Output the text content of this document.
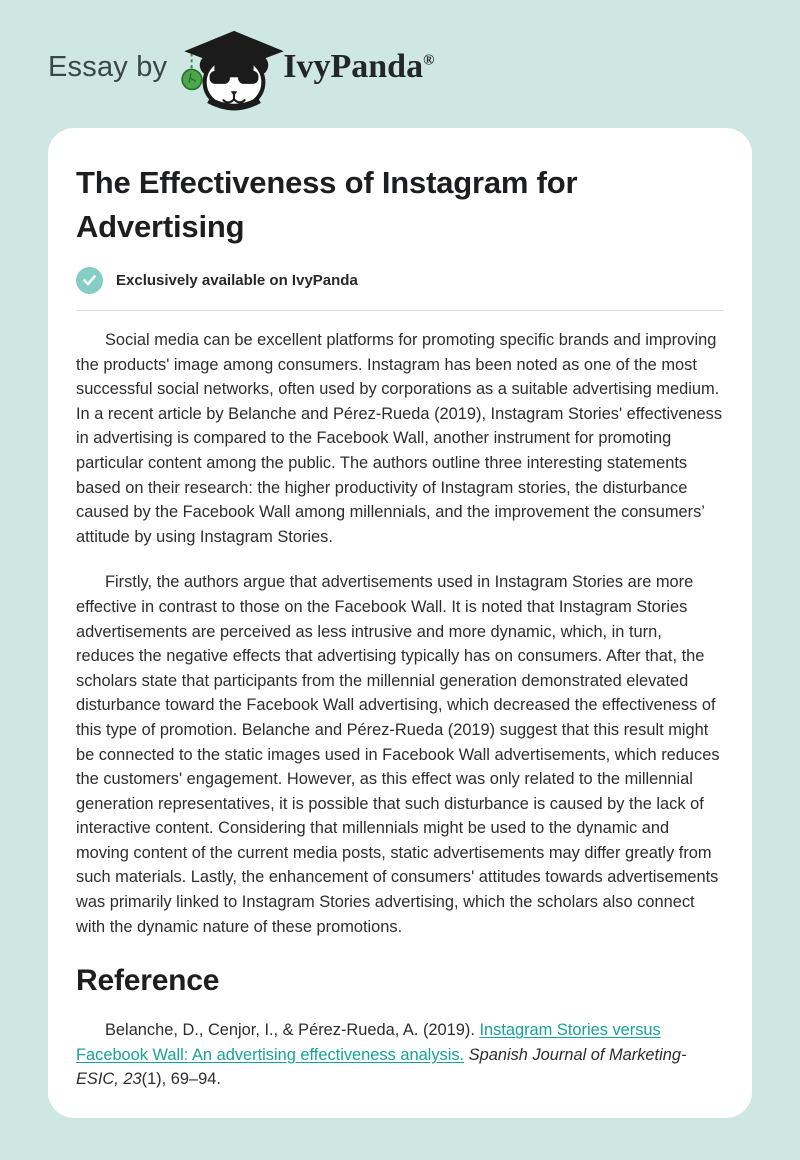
Essay by	IvyPanda®
The Effectiveness of Instagram for Advertising
Exclusively available on IvyPanda

Social media can be excellent platforms for promoting specific brands and improving the products' image among consumers. Instagram has been noted as one of the most successful social networks, often used by corporations as a suitable advertising medium. In a recent article by Belanche and Pérez-Rueda (2019), Instagram Stories' effectiveness in advertising is compared to the Facebook Wall, another instrument for promoting particular content among the public. The authors outline three interesting statements based on their research: the higher productivity of Instagram stories, the disturbance caused by the Facebook Wall among millennials, and the improvement the consumers’ attitude by using Instagram Stories.

Firstly, the authors argue that advertisements used in Instagram Stories are more effective in contrast to those on the Facebook Wall. It is noted that Instagram Stories advertisements are perceived as less intrusive and more dynamic, which, in turn, reduces the negative effects that advertising typically has on consumers. After that, the scholars state that participants from the millennial generation demonstrated elevated disturbance toward the Facebook Wall advertising, which decreased the effectiveness of this type of promotion. Belanche and Pérez-Rueda (2019) suggest that this result might be connected to the static images used in Facebook Wall advertisements, which reduces the customers' engagement. However, as this effect was only related to the millennial generation representatives, it is possible that such disturbance is caused by the lack of interactive content. Considering that millennials might be used to the dynamic and moving content of the current media posts, static advertisements may differ greatly from such materials. Lastly, the enhancement of consumers' attitudes towards advertisements was primarily linked to Instagram Stories advertising, which the scholars also connect with the dynamic nature of these promotions.

Reference

Belanche, D., Cenjor, I., & Pérez-Rueda, A. (2019). Instagram Stories versus Facebook Wall: An advertising effectiveness analysis. Spanish Journal of Marketing-ESIC, 23(1), 69–94.
